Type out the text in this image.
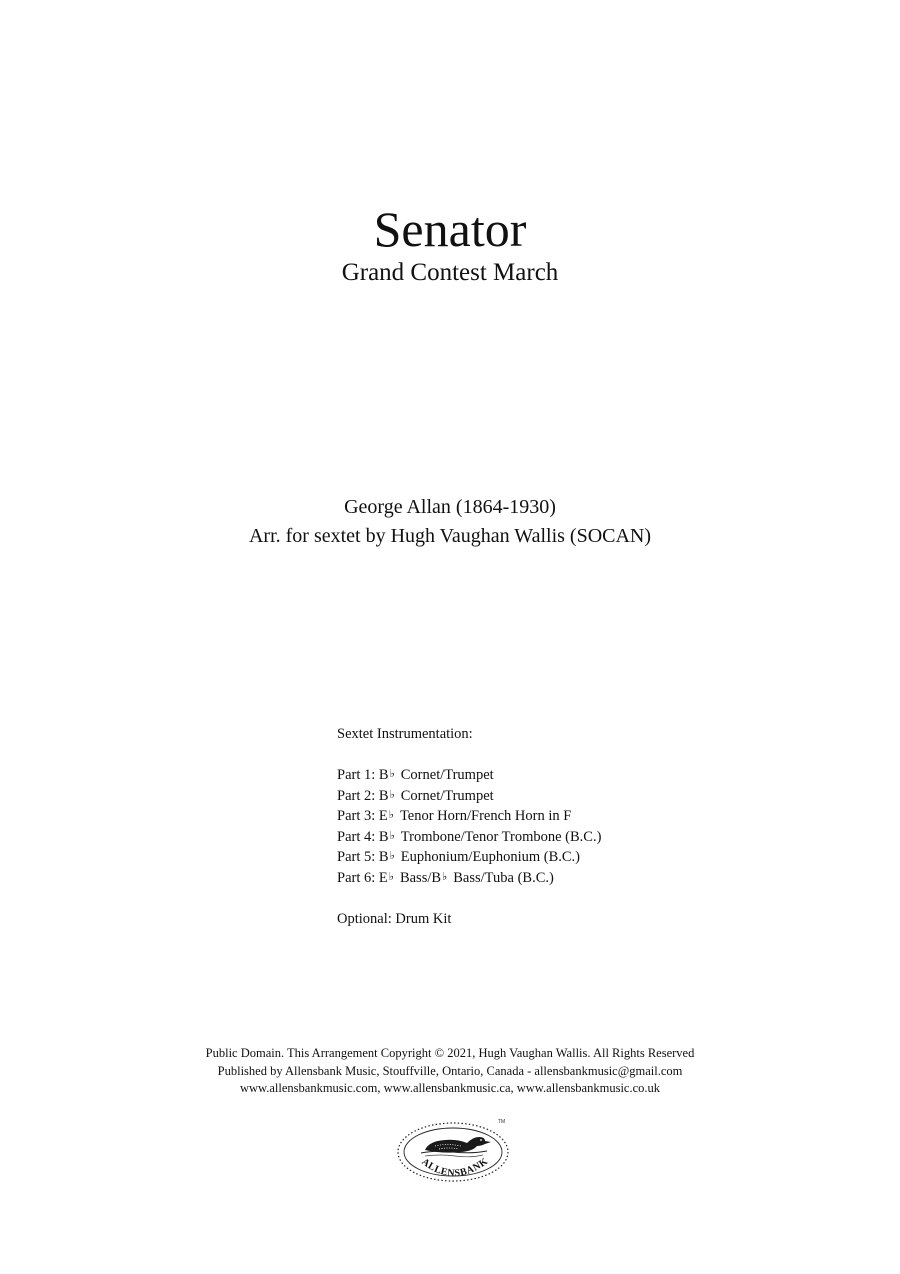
Senator
Grand Contest March
George Allan (1864-1930)
Arr. for sextet by Hugh Vaughan Wallis (SOCAN)
Sextet Instrumentation:
Part 1: B♭ Cornet/Trumpet
Part 2: B♭ Cornet/Trumpet
Part 3: E♭ Tenor Horn/French Horn in F
Part 4: B♭ Trombone/Tenor Trombone (B.C.)
Part 5: B♭ Euphonium/Euphonium (B.C.)
Part 6: E♭ Bass/B♭ Bass/Tuba (B.C.)
Optional: Drum Kit
Public Domain. This Arrangement Copyright © 2021, Hugh Vaughan Wallis. All Rights Reserved
Published by Allensbank Music, Stouffville, Ontario, Canada - allensbankmusic@gmail.com
www.allensbankmusic.com, www.allensbankmusic.ca, www.allensbankmusic.co.uk
ALLENSBANK
TM
